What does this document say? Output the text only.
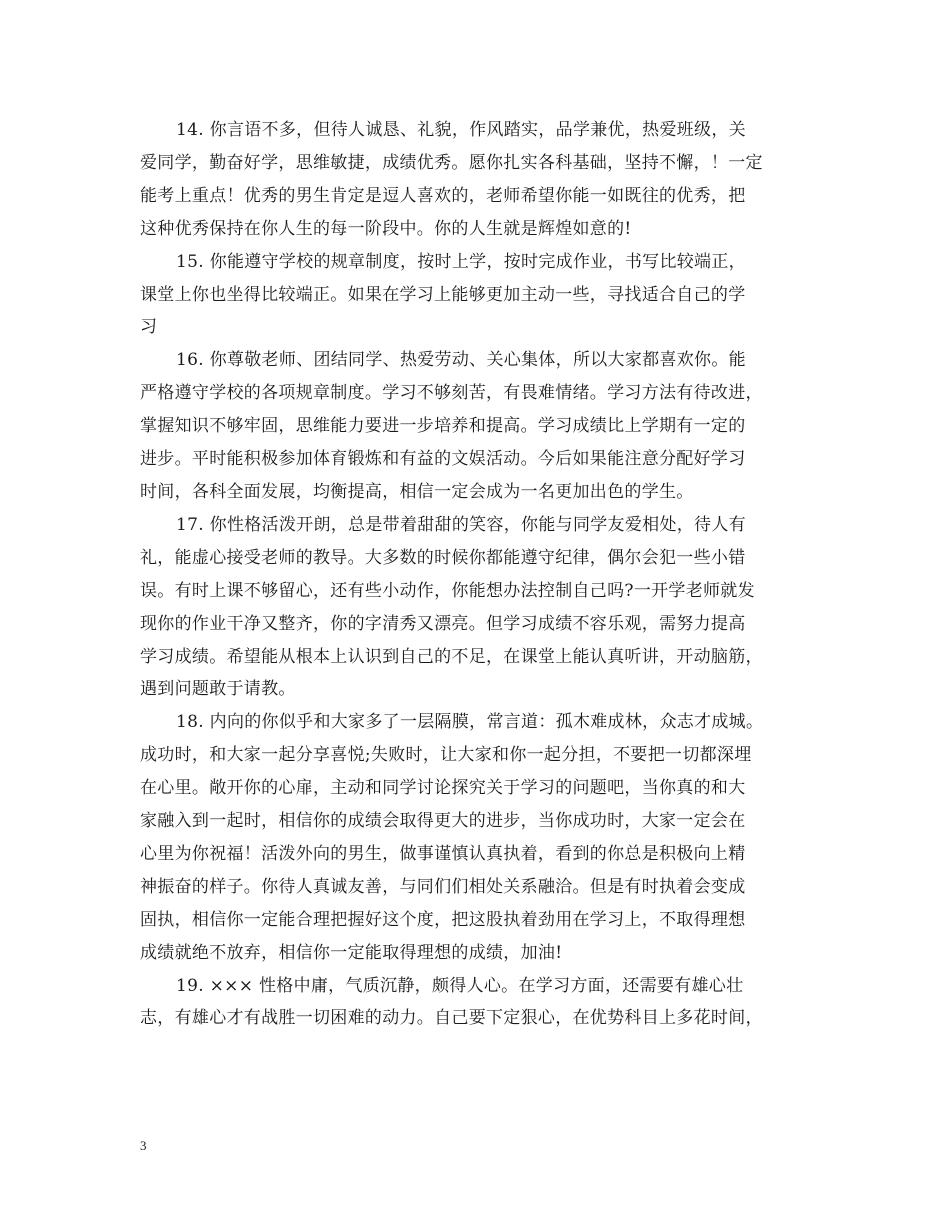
14. 你言语不多，但待人诚恳、礼貌，作风踏实，品学兼优，热爱班级，关
爱同学，勤奋好学，思维敏捷，成绩优秀。愿你扎实各科基础，坚持不懈，！一定
能考上重点！优秀的男生肯定是逗人喜欢的，老师希望你能一如既往的优秀，把
这种优秀保持在你人生的每一阶段中。你的人生就是辉煌如意的!

15. 你能遵守学校的规章制度，按时上学，按时完成作业，书写比较端正，
课堂上你也坐得比较端正。如果在学习上能够更加主动一些，寻找适合自己的学
习

16. 你尊敬老师、团结同学、热爱劳动、关心集体，所以大家都喜欢你。能
严格遵守学校的各项规章制度。学习不够刻苦，有畏难情绪。学习方法有待改进，
掌握知识不够牢固，思维能力要进一步培养和提高。学习成绩比上学期有一定的
进步。平时能积极参加体育锻炼和有益的文娱活动。今后如果能注意分配好学习
时间，各科全面发展，均衡提高，相信一定会成为一名更加出色的学生。

17. 你性格活泼开朗，总是带着甜甜的笑容，你能与同学友爱相处，待人有
礼，能虚心接受老师的教导。大多数的时候你都能遵守纪律，偶尔会犯一些小错
误。有时上课不够留心，还有些小动作，你能想办法控制自己吗?一开学老师就发
现你的作业干净又整齐，你的字清秀又漂亮。但学习成绩不容乐观，需努力提高
学习成绩。希望能从根本上认识到自己的不足，在课堂上能认真听讲，开动脑筋，
遇到问题敢于请教。

18. 内向的你似乎和大家多了一层隔膜，常言道：孤木难成林，众志才成城。
成功时，和大家一起分享喜悦;失败时，让大家和你一起分担，不要把一切都深埋
在心里。敞开你的心扉，主动和同学讨论探究关于学习的问题吧，当你真的和大
家融入到一起时，相信你的成绩会取得更大的进步，当你成功时，大家一定会在
心里为你祝福！活泼外向的男生，做事谨慎认真执着，看到的你总是积极向上精
神振奋的样子。你待人真诚友善，与同们们相处关系融洽。但是有时执着会变成
固执，相信你一定能合理把握好这个度，把这股执着劲用在学习上，不取得理想
成绩就绝不放弃，相信你一定能取得理想的成绩，加油!

19. ××× 性格中庸，气质沉静，颇得人心。在学习方面，还需要有雄心壮
志，有雄心才有战胜一切困难的动力。自己要下定狠心，在优势科目上多花时间，

3
